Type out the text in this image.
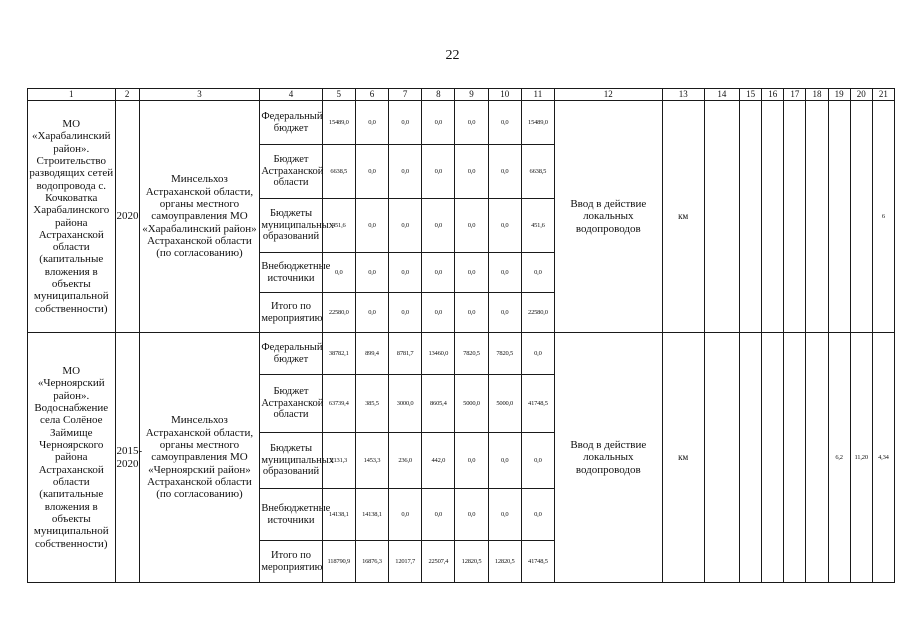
22
1	2	3	4	5	6	7	8	9	10	11	12	13	14	15	16	17	18	19	20	21
МО «Харабалинский район». Строительство разводящих сетей водопровода с. Кочковатка Харабалинского района Астраханской области (капитальные вложения в объекты муниципальной собственности)	2020	Минсельхоз Астраханской области, органы местного самоуправления МО «Харабалинский район» Астраханской области (по согласованию)	Федеральный бюджет	15489,0	0,0	0,0	0,0	0,0	0,0	15489,0	Ввод в действие локальных водопроводов	км								6
			Бюджет Астраханской области	6638,5	0,0	0,0	0,0	0,0	0,0	6638,5										
			Бюджеты муниципальных образований	451,6	0,0	0,0	0,0	0,0	0,0	451,6										
			Внебюджетные источники	0,0	0,0	0,0	0,0	0,0	0,0	0,0										
			Итого по мероприятию	22580,0	0,0	0,0	0,0	0,0	0,0	22580,0										
МО «Черноярский район». Водоснабжение села Солёное Займище Черноярского района Астраханской области (капитальные вложения в объекты муниципальной собственности)	2015-2020	Минсельхоз Астраханской области, органы местного самоуправления МО «Черноярский район» Астраханской области (по согласованию)	Федеральный бюджет	38782,1	899,4	8781,7	13460,0	7820,5	7820,5	0,0	Ввод в действие локальных водопроводов	км						6,2	11,20	4,34
			Бюджет Астраханской области	63739,4	385,5	3000,0	8605,4	5000,0	5000,0	41748,5										
			Бюджеты муниципальных образований	2131,3	1453,3	236,0	442,0	0,0	0,0	0,0										
			Внебюджетные источники	14138,1	14138,1	0,0	0,0	0,0	0,0	0,0										
			Итого по мероприятию	118790,9	16876,3	12017,7	22507,4	12820,5	12820,5	41748,5										
